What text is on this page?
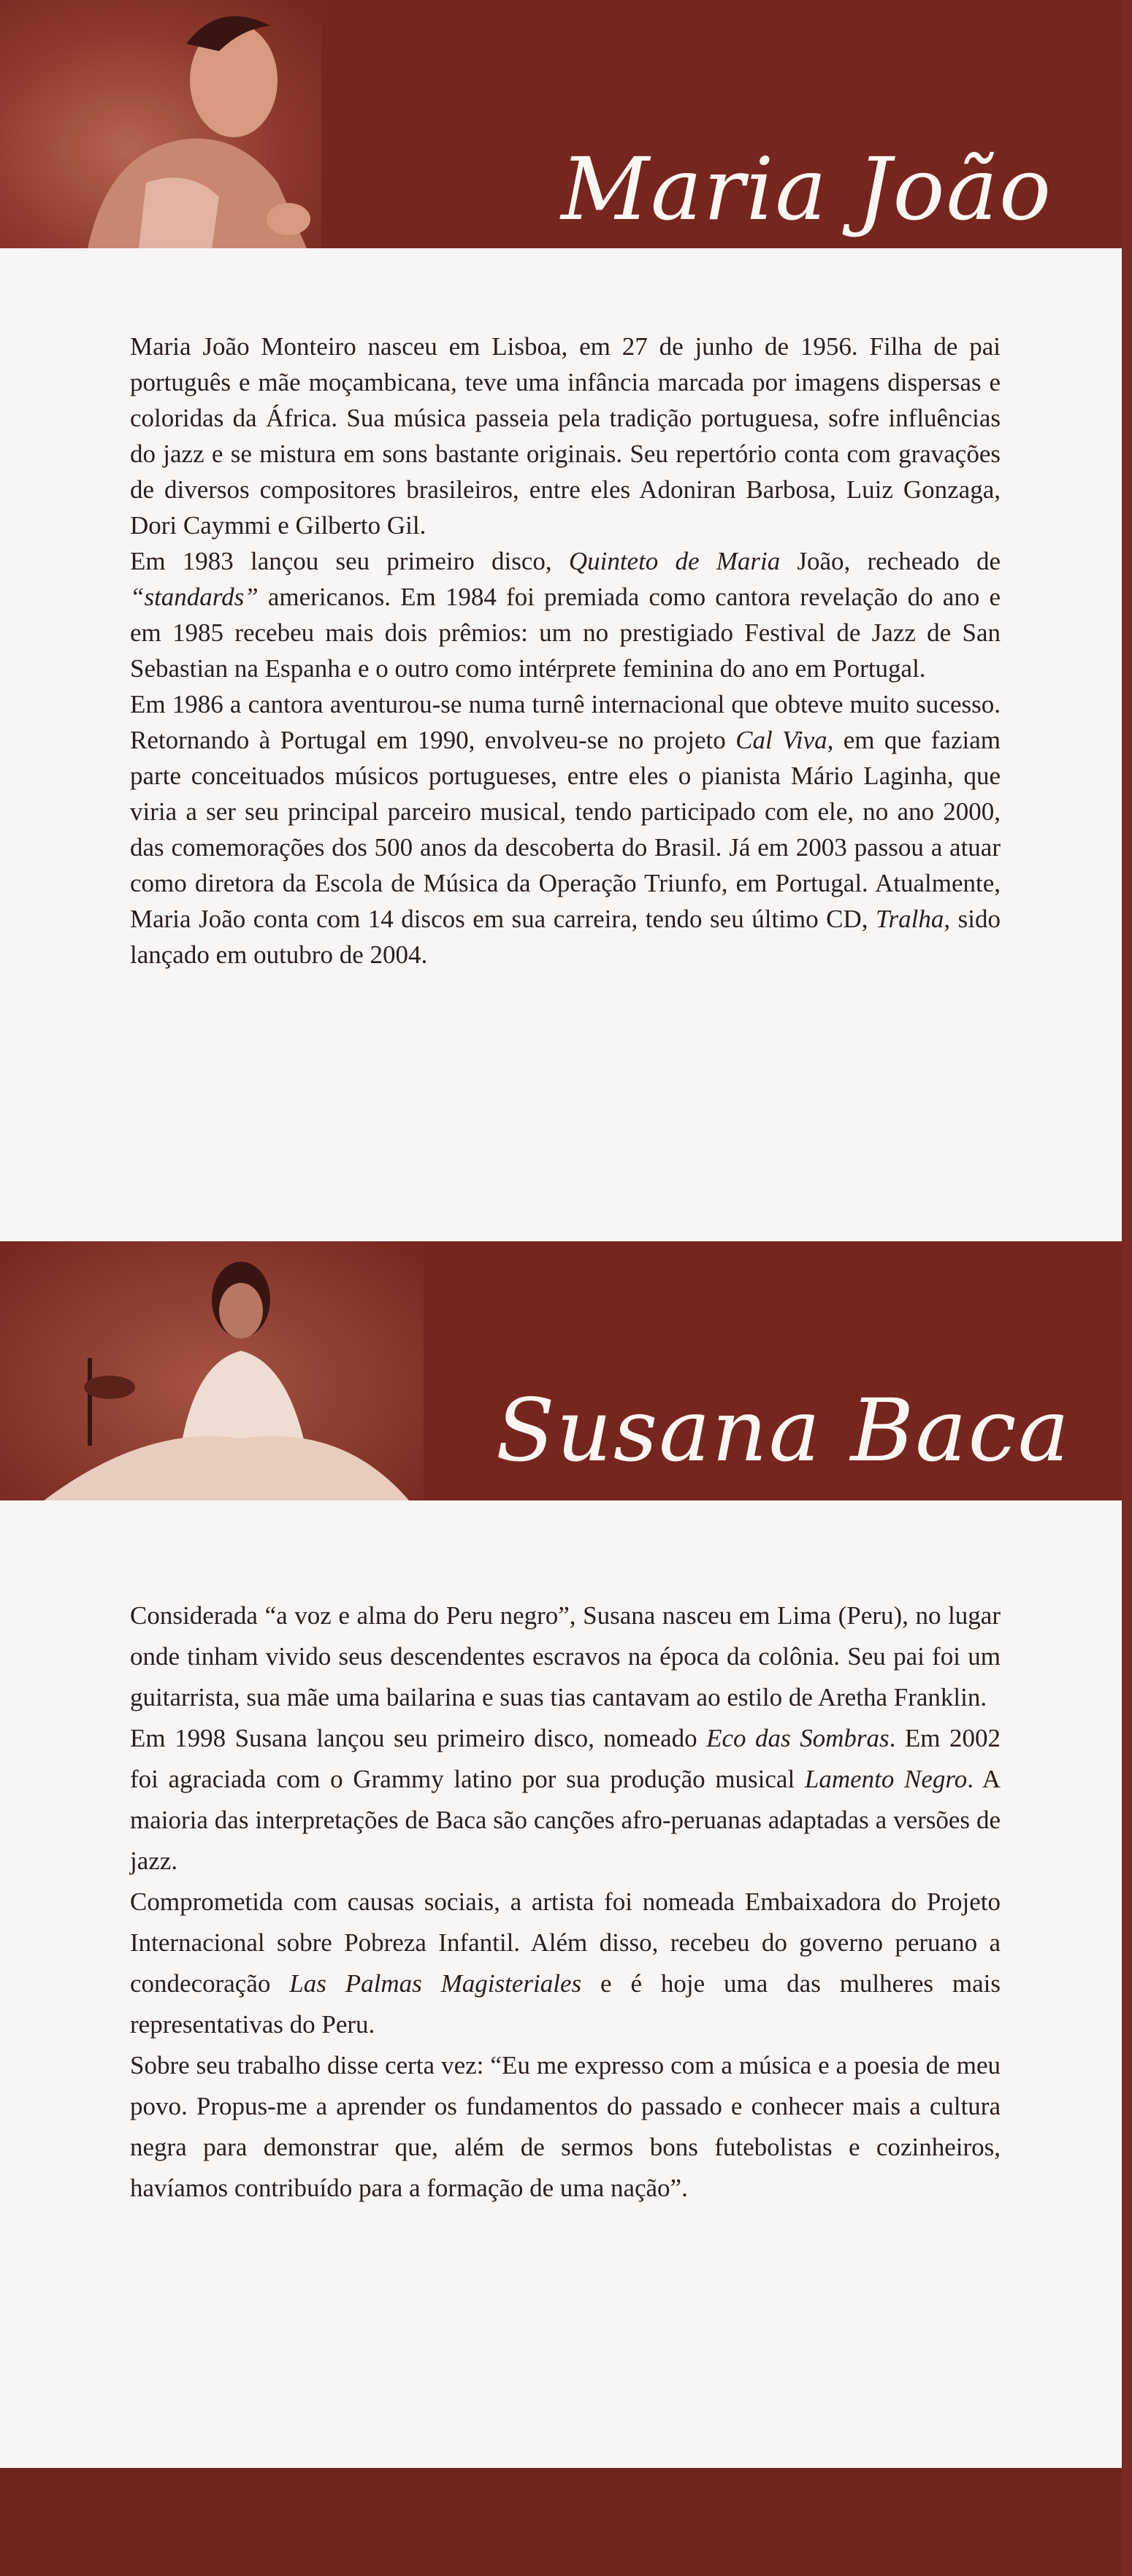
Maria João

Maria João Monteiro nasceu em Lisboa, em 27 de junho de 1956. Filha de pai português e mãe moçambicana, teve uma infância marcada por imagens dispersas e coloridas da África. Sua música passeia pela tradição portuguesa, sofre influências do jazz e se mistura em sons bastante originais. Seu repertório conta com gravações de diversos compositores brasileiros, entre eles Adoniran Barbosa, Luiz Gonzaga, Dori Caymmi e Gilberto Gil.

Em 1983 lançou seu primeiro disco, Quinteto de Maria João, recheado de “standards” americanos. Em 1984 foi premiada como cantora revelação do ano e em 1985 recebeu mais dois prêmios: um no prestigiado Festival de Jazz de San Sebastian na Espanha e o outro como intérprete feminina do ano em Portugal.

Em 1986 a cantora aventurou-se numa turnê internacional que obteve muito sucesso. Retornando à Portugal em 1990, envolveu-se no projeto Cal Viva, em que faziam parte conceituados músicos portugueses, entre eles o pianista Mário Laginha, que viria a ser seu principal parceiro musical, tendo participado com ele, no ano 2000, das comemorações dos 500 anos da descoberta do Brasil. Já em 2003 passou a atuar como diretora da Escola de Música da Operação Triunfo, em Portugal. Atualmente, Maria João conta com 14 discos em sua carreira, tendo seu último CD, Tralha, sido lançado em outubro de 2004.

Susana Baca

Considerada “a voz e alma do Peru negro”, Susana nasceu em Lima (Peru), no lugar onde tinham vivido seus descendentes escravos na época da colônia. Seu pai foi um guitarrista, sua mãe uma bailarina e suas tias cantavam ao estilo de Aretha Franklin.

Em 1998 Susana lançou seu primeiro disco, nomeado Eco das Sombras. Em 2002 foi agraciada com o Grammy latino por sua produção musical Lamento Negro. A maioria das interpretações de Baca são canções afro-peruanas adaptadas a versões de jazz.

Comprometida com causas sociais, a artista foi nomeada Embaixadora do Projeto Internacional sobre Pobreza Infantil. Além disso, recebeu do governo peruano a condecoração Las Palmas Magisteriales e é hoje uma das mulheres mais representativas do Peru.

Sobre seu trabalho disse certa vez: “Eu me expresso com a música e a poesia de meu povo. Propus-me a aprender os fundamentos do passado e conhecer mais a cultura negra para demonstrar que, além de sermos bons futebolistas e cozinheiros, havíamos contribuído para a formação de uma nação”.
